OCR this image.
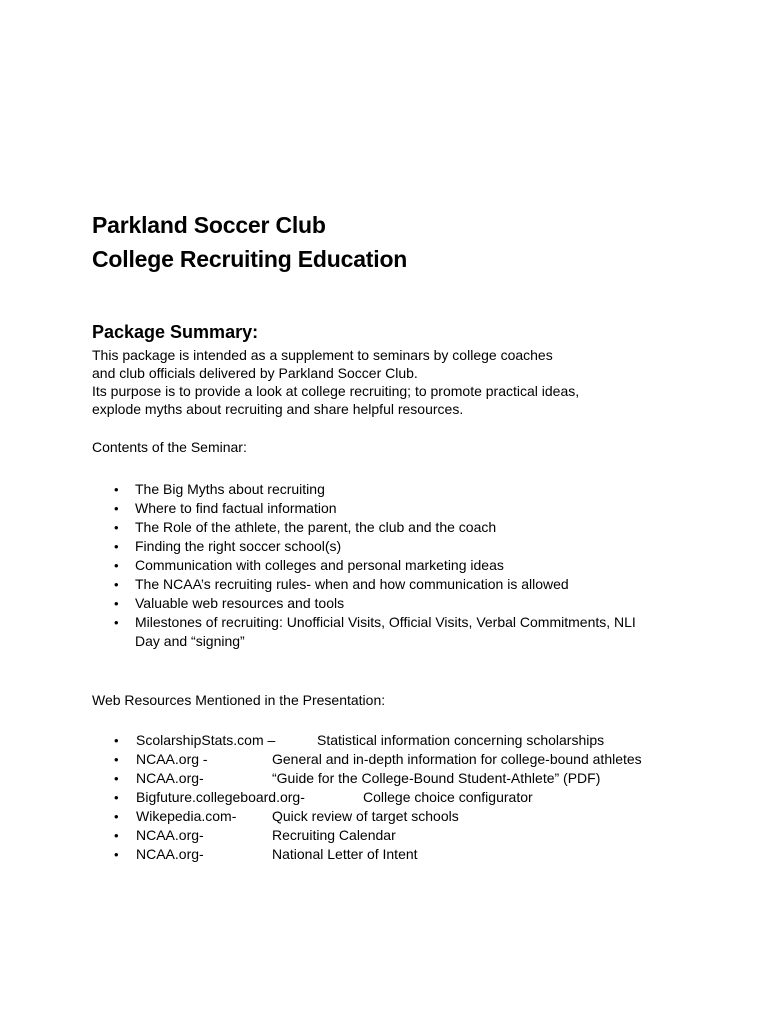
Parkland Soccer Club
College Recruiting Education
Package Summary:

This package is intended as a supplement to seminars by college coaches
and club officials delivered by Parkland Soccer Club.
Its purpose is to provide a look at college recruiting; to promote practical ideas,
explode myths about recruiting and share helpful resources.

Contents of the Seminar:

• The Big Myths about recruiting
• Where to find factual information
• The Role of the athlete, the parent, the club and the coach
• Finding the right soccer school(s)
• Communication with colleges and personal marketing ideas
• The NCAA’s recruiting rules- when and how communication is allowed
• Valuable web resources and tools
• Milestones of recruiting: Unofficial Visits, Official Visits, Verbal Commitments, NLI
Day and “signing”

Web Resources Mentioned in the Presentation:

• ScolarshipStats.com –	Statistical information concerning scholarships
• NCAA.org -	General and in-depth information for college-bound athletes
• NCAA.org-	“Guide for the College-Bound Student-Athlete” (PDF)
• Bigfuture.collegeboard.org-	College choice configurator
• Wikepedia.com-	Quick review of target schools
• NCAA.org-	Recruiting Calendar
• NCAA.org-	National Letter of Intent
